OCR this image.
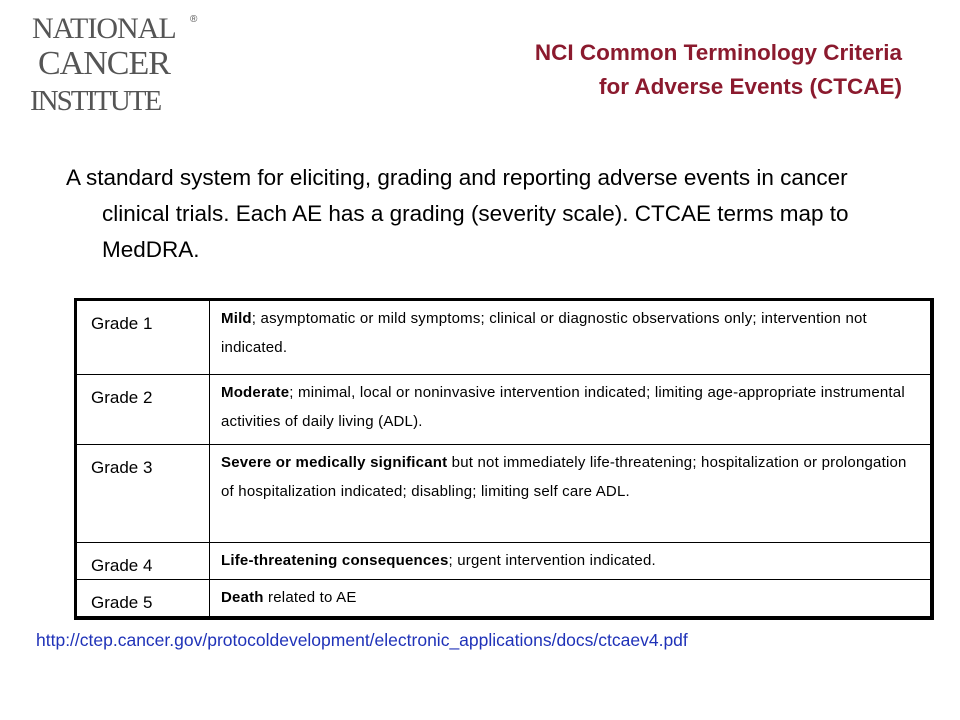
NATIONAL ®
CANCER
INSTITUTE
NCI Common Terminology Criteria
for Adverse Events (CTCAE)

A standard system for eliciting, grading and reporting adverse events in cancer clinical trials. Each AE has a grading (severity scale). CTCAE terms map to MedDRA.

Grade 1	Mild; asymptomatic or mild symptoms; clinical or diagnostic observations only; intervention not indicated.
Grade 2	Moderate; minimal, local or noninvasive intervention indicated; limiting age-appropriate instrumental activities of daily living (ADL).
Grade 3	Severe or medically significant but not immediately life-threatening; hospitalization or prolongation of hospitalization indicated; disabling; limiting self care ADL.
Grade 4	Life-threatening consequences; urgent intervention indicated.
Grade 5	Death related to AE
http://ctep.cancer.gov/protocoldevelopment/electronic_applications/docs/ctcaev4.pdf
